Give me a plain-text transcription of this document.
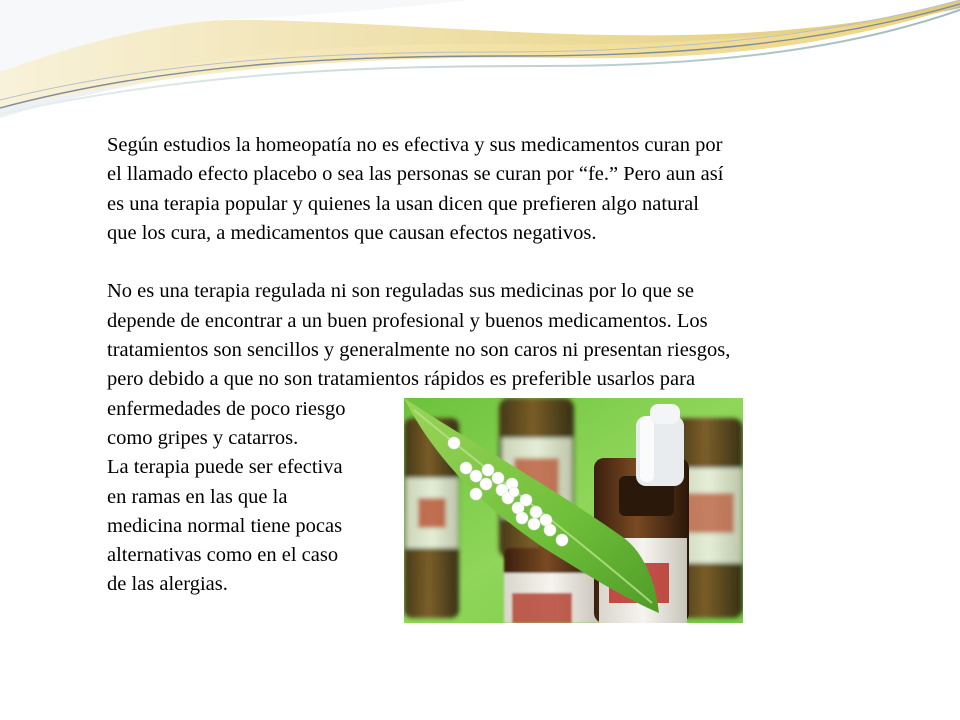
Según estudios la homeopatía no es efectiva y sus medicamentos curan por
el llamado efecto placebo o sea las personas se curan por “fe.” Pero aun así
es una terapia popular y quienes la usan dicen que prefieren algo natural
que los cura, a medicamentos que causan efectos negativos.

No es una terapia regulada ni son reguladas sus medicinas por lo que se
depende de encontrar a un buen profesional y buenos medicamentos. Los
tratamientos son sencillos y generalmente no son caros ni presentan riesgos,
pero debido a que no son tratamientos rápidos es preferible usarlos para
enfermedades de poco riesgo
como gripes y catarros.
La terapia puede ser efectiva
en ramas en las que la
medicina normal tiene pocas
alternativas como en el caso
de las alergias.
